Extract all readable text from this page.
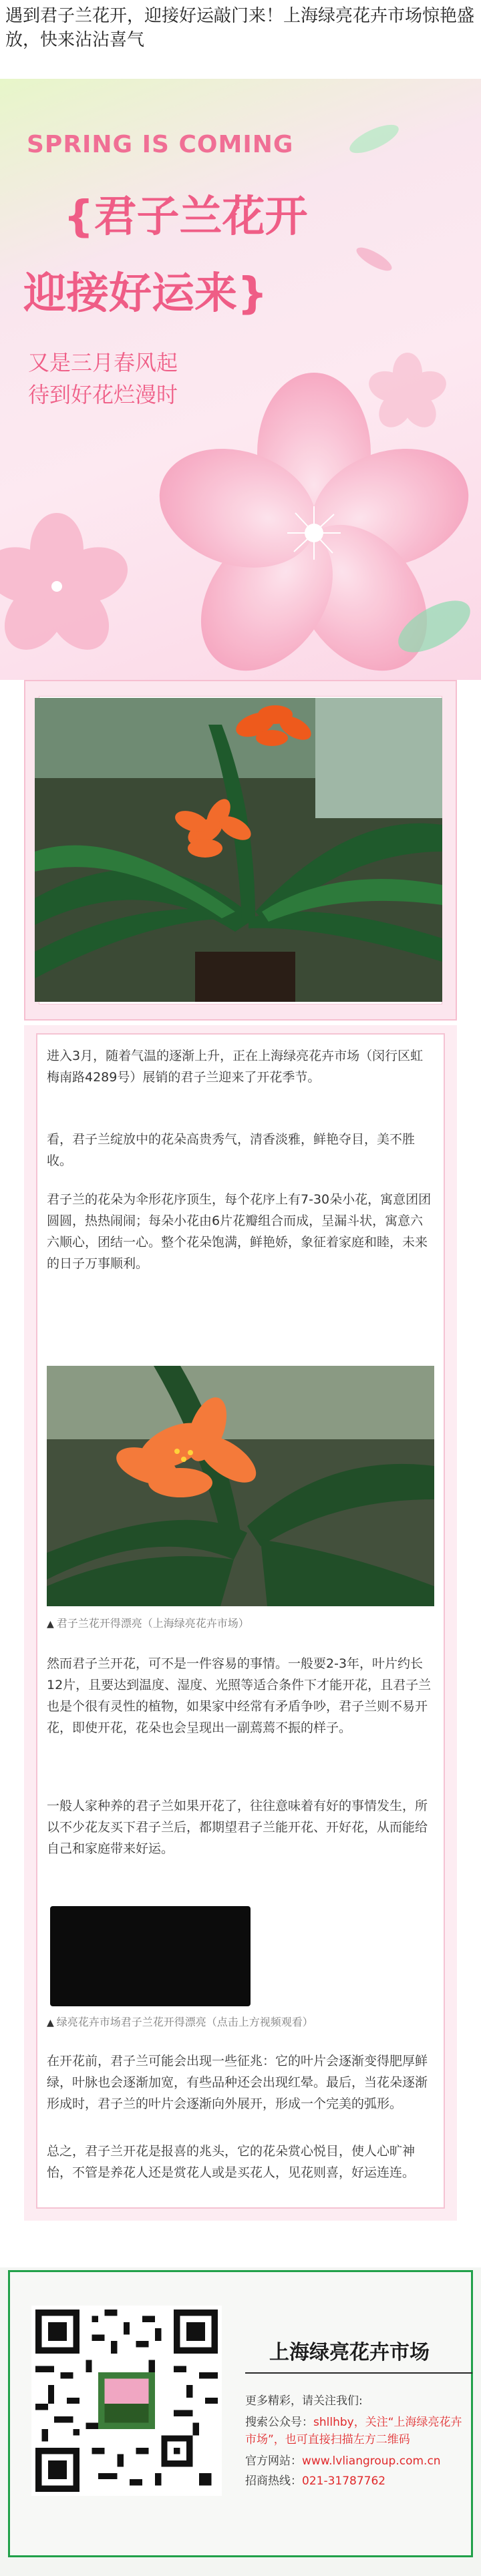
遇到君子兰花开，迎接好运敲门来！上海绿亮花卉市场惊艳盛放，快来沾沾喜气
SPRING IS COMING
{君子兰花开
迎接好运来}
又是三月春风起
待到好花烂漫时
进入3月，随着气温的逐渐上升，正在上海绿亮花卉市场（闵行区虹梅南路4289号）展销的君子兰迎来了开花季节。
看，君子兰绽放中的花朵高贵秀气，清香淡雅，鲜艳夺目，美不胜收。
君子兰的花朵为伞形花序顶生，每个花序上有7-30朵小花，寓意团团圆圆，热热闹闹；每朵小花由6片花瓣组合而成，呈漏斗状，寓意六六顺心，团结一心。整个花朵饱满，鲜艳娇，象征着家庭和睦，未来的日子万事顺利。
▲ 君子兰花开得漂亮（上海绿亮花卉市场）
然而君子兰开花，可不是一件容易的事情。一般要2-3年，叶片约长12片，且要达到温度、湿度、光照等适合条件下才能开花，且君子兰也是个很有灵性的植物，如果家中经常有矛盾争吵，君子兰则不易开花，即使开花，花朵也会呈现出一副蔫蔫不振的样子。
一般人家种养的君子兰如果开花了，往往意味着有好的事情发生，所以不少花友买下君子兰后，都期望君子兰能开花、开好花，从而能给自己和家庭带来好运。
▲ 绿亮花卉市场君子兰花开得漂亮（点击上方视频观看）
在开花前，君子兰可能会出现一些征兆：它的叶片会逐渐变得肥厚鲜绿，叶脉也会逐渐加宽，有些品种还会出现红晕。最后，当花朵逐渐形成时，君子兰的叶片会逐渐向外展开，形成一个完美的弧形。
总之，君子兰开花是报喜的兆头，它的花朵赏心悦目，使人心旷神怡，不管是养花人还是赏花人或是买花人，见花则喜，好运连连。
上海绿亮花卉市场
更多精彩，请关注我们:
搜索公众号：shllhby，关注“上海绿亮花卉市场”，也可直接扫描左方二维码
官方网站：www.lvliangroup.com.cn
招商热线：021-31787762
